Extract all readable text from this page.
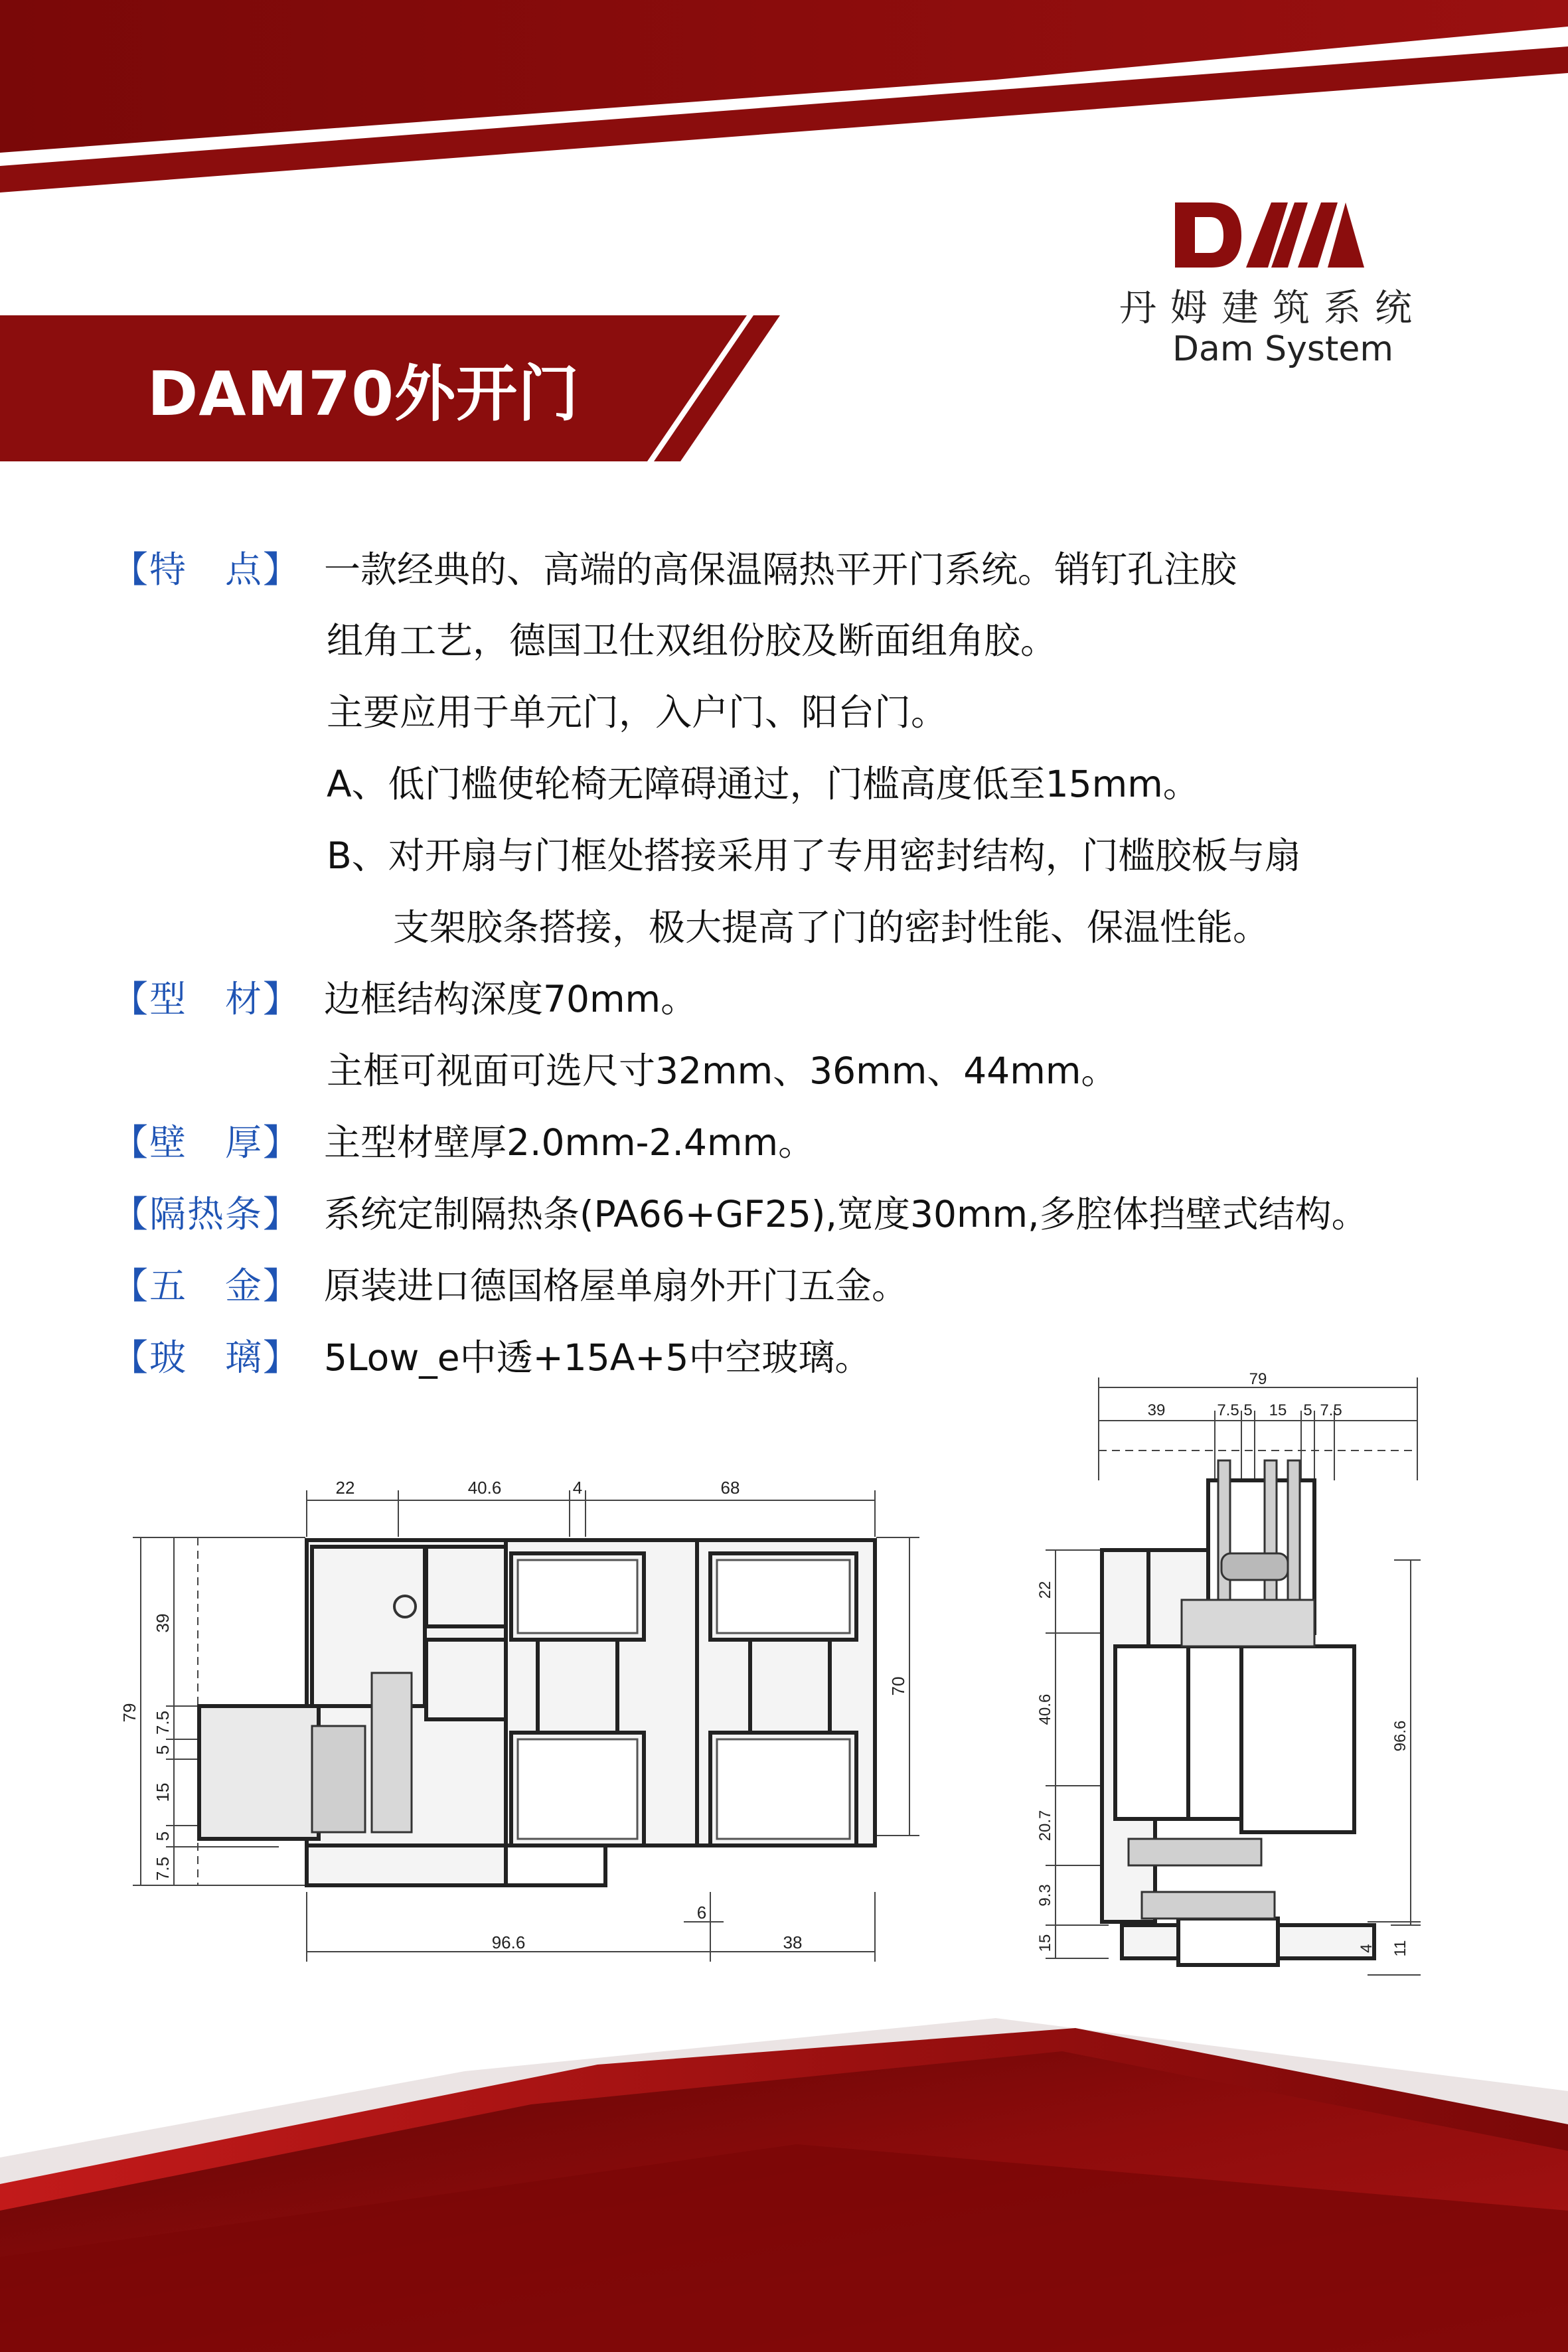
丹姆建筑系统
Dam System
DAM70外开门
【特　点】 一款经典的、高端的高保温隔热平开门系统。销钉孔注胶
组角工艺，德国卫仕双组份胶及断面组角胶。
主要应用于单元门，入户门、阳台门。
A、低门槛使轮椅无障碍通过，门槛高度低至15mm。
B、对开扇与门框处搭接采用了专用密封结构，门槛胶板与扇
支架胶条搭接，极大提高了门的密封性能、保温性能。
【型　材】 边框结构深度70mm。
主框可视面可选尺寸32mm、36mm、44mm。
【壁　厚】 主型材壁厚2.0mm-2.4mm。
【隔热条】 系统定制隔热条(PA66+GF25),宽度30mm,多腔体挡壁式结构。
【五　金】 原装进口德国格屋单扇外开门五金。
【玻　璃】 5Low_e中透+15A+5中空玻璃。
22	40.6	4	68
79
39
7.5
5
15
5
7.5
70
6
96.6	38
79
39	7.5 5 15 5 7.5
22
40.6
20.7
9.3
15
96.6
4 11
